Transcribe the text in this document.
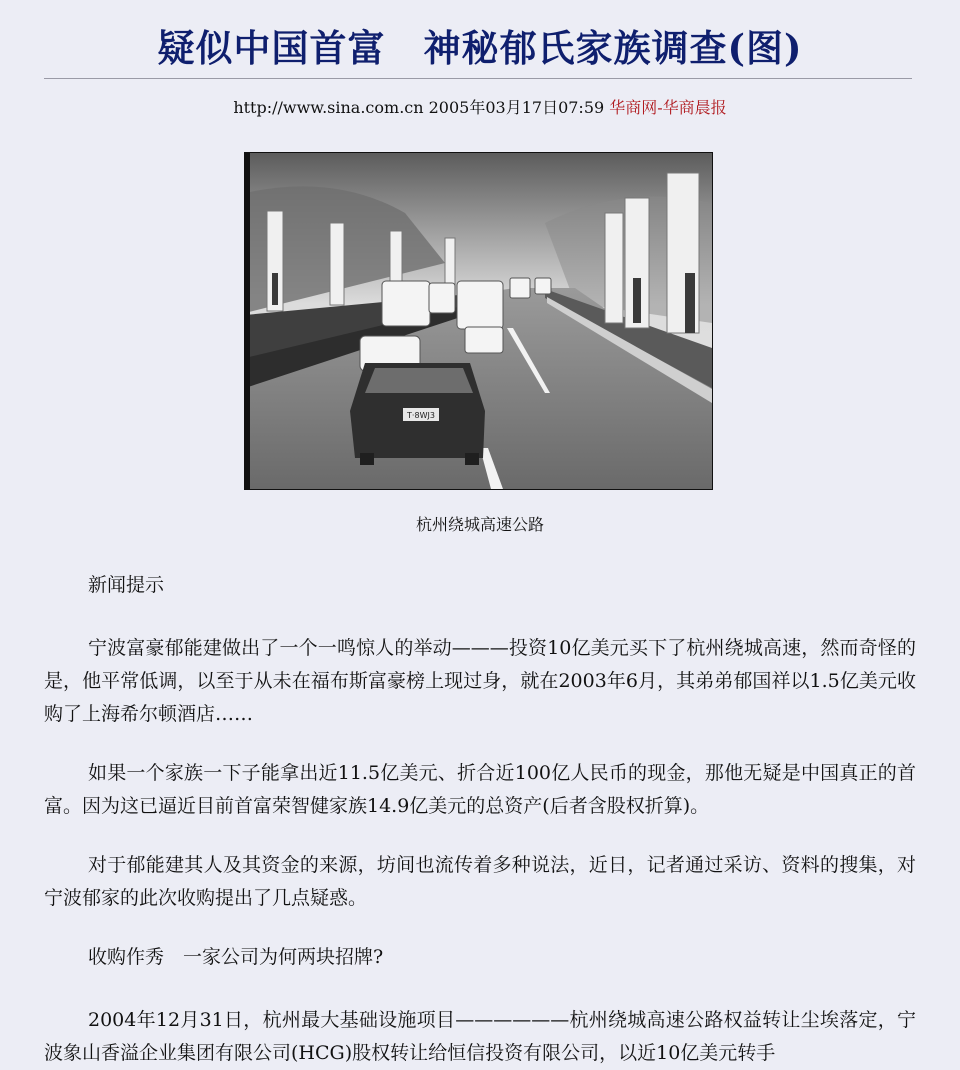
疑似中国首富　神秘郁氏家族调查(图)
http://www.sina.com.cn 2005年03月17日07:59 华商网-华商晨报
T·8WJ3
杭州绕城高速公路

新闻提示

宁波富豪郁能建做出了一个一鸣惊人的举动———投资10亿美元买下了杭州绕城高速，然而奇怪的是，他平常低调，以至于从未在福布斯富豪榜上现过身，就在2003年6月，其弟弟郁国祥以1.5亿美元收购了上海希尔顿酒店……

如果一个家族一下子能拿出近11.5亿美元、折合近100亿人民币的现金，那他无疑是中国真正的首富。因为这已逼近目前首富荣智健家族14.9亿美元的总资产(后者含股权折算)。

对于郁能建其人及其资金的来源，坊间也流传着多种说法，近日，记者通过采访、资料的搜集，对宁波郁家的此次收购提出了几点疑惑。

收购作秀　一家公司为何两块招牌?

2004年12月31日，杭州最大基础设施项目——————杭州绕城高速公路权益转让尘埃落定，宁波象山香溢企业集团有限公司(HCG)股权转让给恒信投资有限公司，以近10亿美元转手
